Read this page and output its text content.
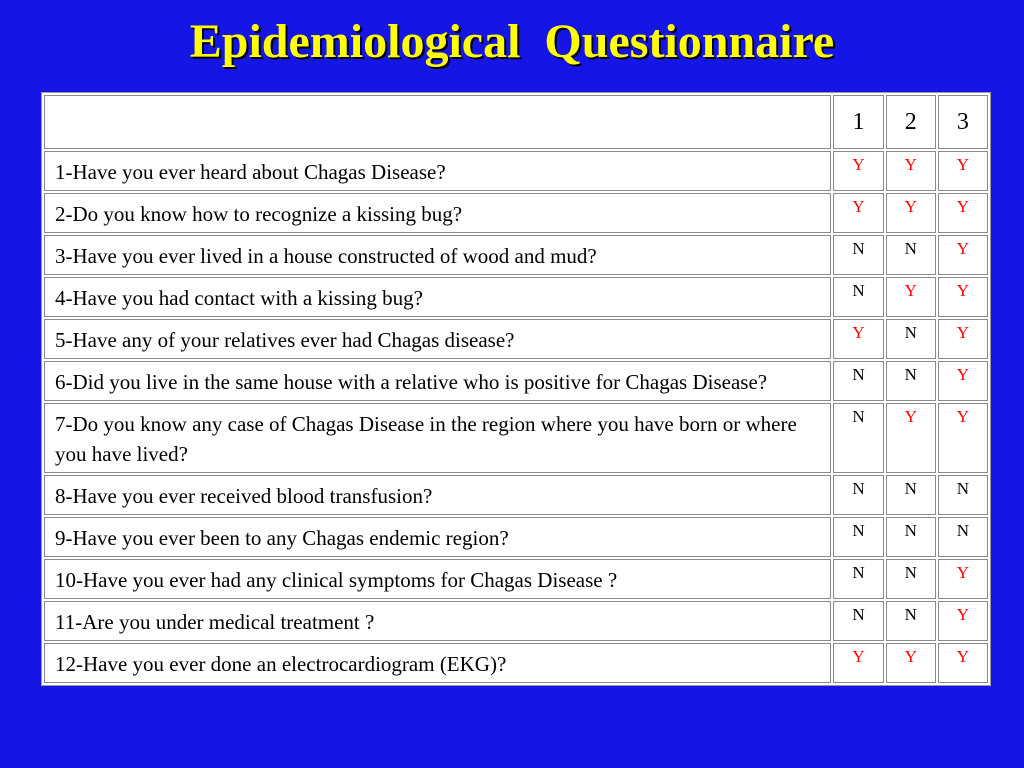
Epidemiological  Questionnaire
	1	2	3
1-Have you ever heard about Chagas Disease?	Y	Y	Y
2-Do you know how to recognize a kissing bug?	Y	Y	Y
3-Have you ever lived in a house constructed of wood and mud?	N	N	Y
4-Have you had contact with a kissing bug?	N	Y	Y
5-Have any of your relatives ever had Chagas disease?	Y	N	Y
6-Did you live in the same house with a relative who is positive for Chagas Disease?	N	N	Y
7-Do you know any case of Chagas Disease in the region where you have born or where you have lived?	N	Y	Y
8-Have you ever received blood transfusion?	N	N	N
9-Have you ever been to any Chagas endemic region?	N	N	N
10-Have you ever had any clinical symptoms for Chagas Disease ?	N	N	Y
11-Are you under medical treatment ?	N	N	Y
12-Have you ever done an electrocardiogram (EKG)?	Y	Y	Y
